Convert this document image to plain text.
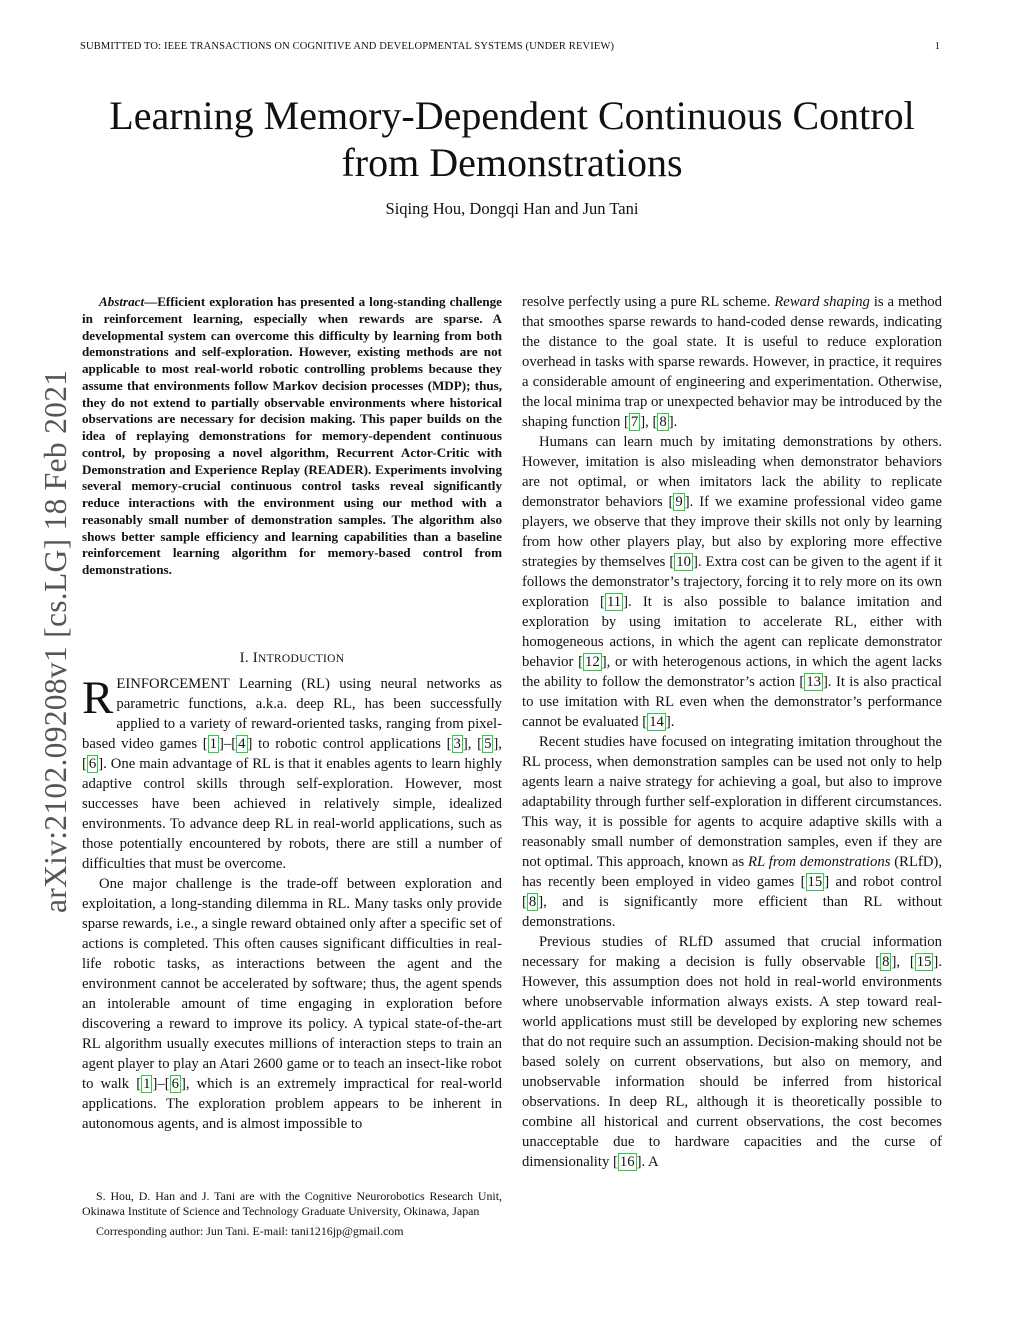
SUBMITTED TO: IEEE TRANSACTIONS ON COGNITIVE AND DEVELOPMENTAL SYSTEMS (UNDER REVIEW)	1
Learning Memory-Dependent Continuous Control
from Demonstrations
Siqing Hou, Dongqi Han and Jun Tani
arXiv:2102.09208v1 [cs.LG] 18 Feb 2021

Abstract—Efficient exploration has presented a long-standing challenge in reinforcement learning, especially when rewards are sparse. A developmental system can overcome this difficulty by learning from both demonstrations and self-exploration. However, existing methods are not applicable to most real-world robotic controlling problems because they assume that environments follow Markov decision processes (MDP); thus, they do not extend to partially observable environments where historical observations are necessary for decision making. This paper builds on the idea of replaying demonstrations for memory-dependent continuous control, by proposing a novel algorithm, Recurrent Actor-Critic with Demonstration and Experience Replay (READER). Experiments involving several memory-crucial continuous control tasks reveal significantly reduce interactions with the environment using our method with a reasonably small number of demonstration samples. The algorithm also shows better sample efficiency and learning capabilities than a baseline reinforcement learning algorithm for memory-based control from demonstrations.

I. INTRODUCTION

REINFORCEMENT Learning (RL) using neural networks as parametric functions, a.k.a. deep RL, has been successfully applied to a variety of reward-oriented tasks, ranging from pixel-based video games [ 1 ]–[ 4 ] to robotic control applications [ 3 ], [ 5 ], [ 6 ]. One main advantage of RL is that it enables agents to learn highly adaptive control skills through self-exploration. However, most successes have been achieved in relatively simple, idealized environments. To advance deep RL in real-world applications, such as those potentially encountered by robots, there are still a number of difficulties that must be overcome.

One major challenge is the trade-off between exploration and exploitation, a long-standing dilemma in RL. Many tasks only provide sparse rewards, i.e., a single reward obtained only after a specific set of actions is completed. This often causes significant difficulties in real-life robotic tasks, as interactions between the agent and the environment cannot be accelerated by software; thus, the agent spends an intolerable amount of time engaging in exploration before discovering a reward to improve its policy. A typical state-of-the-art RL algorithm usually executes millions of interaction steps to train an agent player to play an Atari 2600 game or to teach an insect-like robot to walk [ 1 ]–[ 6 ], which is an extremely impractical for real-world applications. The exploration problem appears to be inherent in autonomous agents, and is almost impossible to

S. Hou, D. Han and J. Tani are with the Cognitive Neurorobotics Research Unit, Okinawa Institute of Science and Technology Graduate University, Okinawa, Japan

Corresponding author: Jun Tani. E-mail: tani1216jp@gmail.com

resolve perfectly using a pure RL scheme. Reward shaping is a method that smoothes sparse rewards to hand-coded dense rewards, indicating the distance to the goal state. It is useful to reduce exploration overhead in tasks with sparse rewards. However, in practice, it requires a considerable amount of engineering and experimentation. Otherwise, the local minima trap or unexpected behavior may be introduced by the shaping function [ 7 ], [ 8 ].

Humans can learn much by imitating demonstrations by others. However, imitation is also misleading when demonstrator behaviors are not optimal, or when imitators lack the ability to replicate demonstrator behaviors [ 9 ]. If we examine professional video game players, we observe that they improve their skills not only by learning from how other players play, but also by exploring more effective strategies by themselves [ 10 ]. Extra cost can be given to the agent if it follows the demonstrator’s trajectory, forcing it to rely more on its own exploration [ 11 ]. It is also possible to balance imitation and exploration by using imitation to accelerate RL, either with homogeneous actions, in which the agent can replicate demonstrator behavior [ 12 ], or with heterogenous actions, in which the agent lacks the ability to follow the demonstrator’s action [ 13 ]. It is also practical to use imitation with RL even when the demonstrator’s performance cannot be evaluated [ 14 ].

Recent studies have focused on integrating imitation throughout the RL process, when demonstration samples can be used not only to help agents learn a naive strategy for achieving a goal, but also to improve adaptability through further self-exploration in different circumstances. This way, it is possible for agents to acquire adaptive skills with a reasonably small number of demonstration samples, even if they are not optimal. This approach, known as RL from demonstrations (RLfD), has recently been employed in video games [ 15 ] and robot control [ 8 ], and is significantly more efficient than RL without demonstrations.

Previous studies of RLfD assumed that crucial information necessary for making a decision is fully observable [ 8 ], [ 15 ]. However, this assumption does not hold in real-world environments where unobservable information always exists. A step toward real-world applications must still be developed by exploring new schemes that do not require such an assumption. Decision-making should not be based solely on current observations, but also on memory, and unobservable information should be inferred from historical observations. In deep RL, although it is theoretically possible to combine all historical and current observations, the cost becomes unacceptable due to hardware capacities and the curse of dimensionality [ 16 ]. A
